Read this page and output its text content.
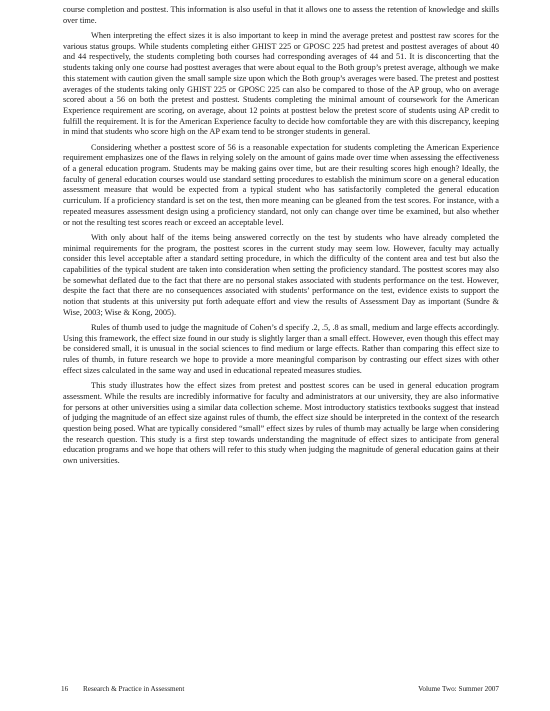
course completion and posttest. This information is also useful in that it allows one to assess the retention of knowledge and skills over time.

When interpreting the effect sizes it is also important to keep in mind the average pretest and posttest raw scores for the various status groups. While students completing either GHIST 225 or GPOSC 225 had pretest and posttest averages of about 40 and 44 respectively, the students completing both courses had corresponding averages of 44 and 51. It is disconcerting that the students taking only one course had posttest averages that were about equal to the Both group’s pretest average, although we make this statement with caution given the small sample size upon which the Both group’s averages were based. The pretest and posttest averages of the students taking only GHIST 225 or GPOSC 225 can also be compared to those of the AP group, who on average scored about a 56 on both the pretest and posttest. Students completing the minimal amount of coursework for the American Experience requirement are scoring, on average, about 12 points at posttest below the pretest score of students using AP credit to fulfill the requirement. It is for the American Experience faculty to decide how comfortable they are with this discrepancy, keeping in mind that students who score high on the AP exam tend to be stronger students in general.

Considering whether a posttest score of 56 is a reasonable expectation for students completing the American Experience requirement emphasizes one of the flaws in relying solely on the amount of gains made over time when assessing the effectiveness of a general education program. Students may be making gains over time, but are their resulting scores high enough? Ideally, the faculty of general education courses would use standard setting procedures to establish the minimum score on a general education assessment measure that would be expected from a typical student who has satisfactorily completed the general education curriculum. If a proficiency standard is set on the test, then more meaning can be gleaned from the test scores. For instance, with a repeated measures assessment design using a proficiency standard, not only can change over time be examined, but also whether or not the resulting test scores reach or exceed an acceptable level.

With only about half of the items being answered correctly on the test by students who have already completed the minimal requirements for the program, the posttest scores in the current study may seem low. However, faculty may actually consider this level acceptable after a standard setting procedure, in which the difficulty of the content area and test but also the capabilities of the typical student are taken into consideration when setting the proficiency standard. The posttest scores may also be somewhat deflated due to the fact that there are no personal stakes associated with students performance on the test. However, despite the fact that there are no consequences associated with students’ performance on the test, evidence exists to support the notion that students at this university put forth adequate effort and view the results of Assessment Day as important (Sundre & Wise, 2003; Wise & Kong, 2005).

Rules of thumb used to judge the magnitude of Cohen’s d specify .2, .5, .8 as small, medium and large effects accordingly. Using this framework, the effect size found in our study is slightly larger than a small effect. However, even though this effect may be considered small, it is unusual in the social sciences to find medium or large effects. Rather than comparing this effect size to rules of thumb, in future research we hope to provide a more meaningful comparison by contrasting our effect sizes with other effect sizes calculated in the same way and used in educational repeated measures studies.

This study illustrates how the effect sizes from pretest and posttest scores can be used in general education program assessment. While the results are incredibly informative for faculty and administrators at our university, they are also informative for persons at other universities using a similar data collection scheme. Most introductory statistics textbooks suggest that instead of judging the magnitude of an effect size against rules of thumb, the effect size should be interpreted in the context of the research question being posed. What are typically considered “small” effect sizes by rules of thumb may actually be large when considering the research question. This study is a first step towards understanding the magnitude of effect sizes to anticipate from general education programs and we hope that others will refer to this study when judging the magnitude of general education gains at their own universities.

16 Research & Practice in Assessment	Volume Two: Summer 2007
